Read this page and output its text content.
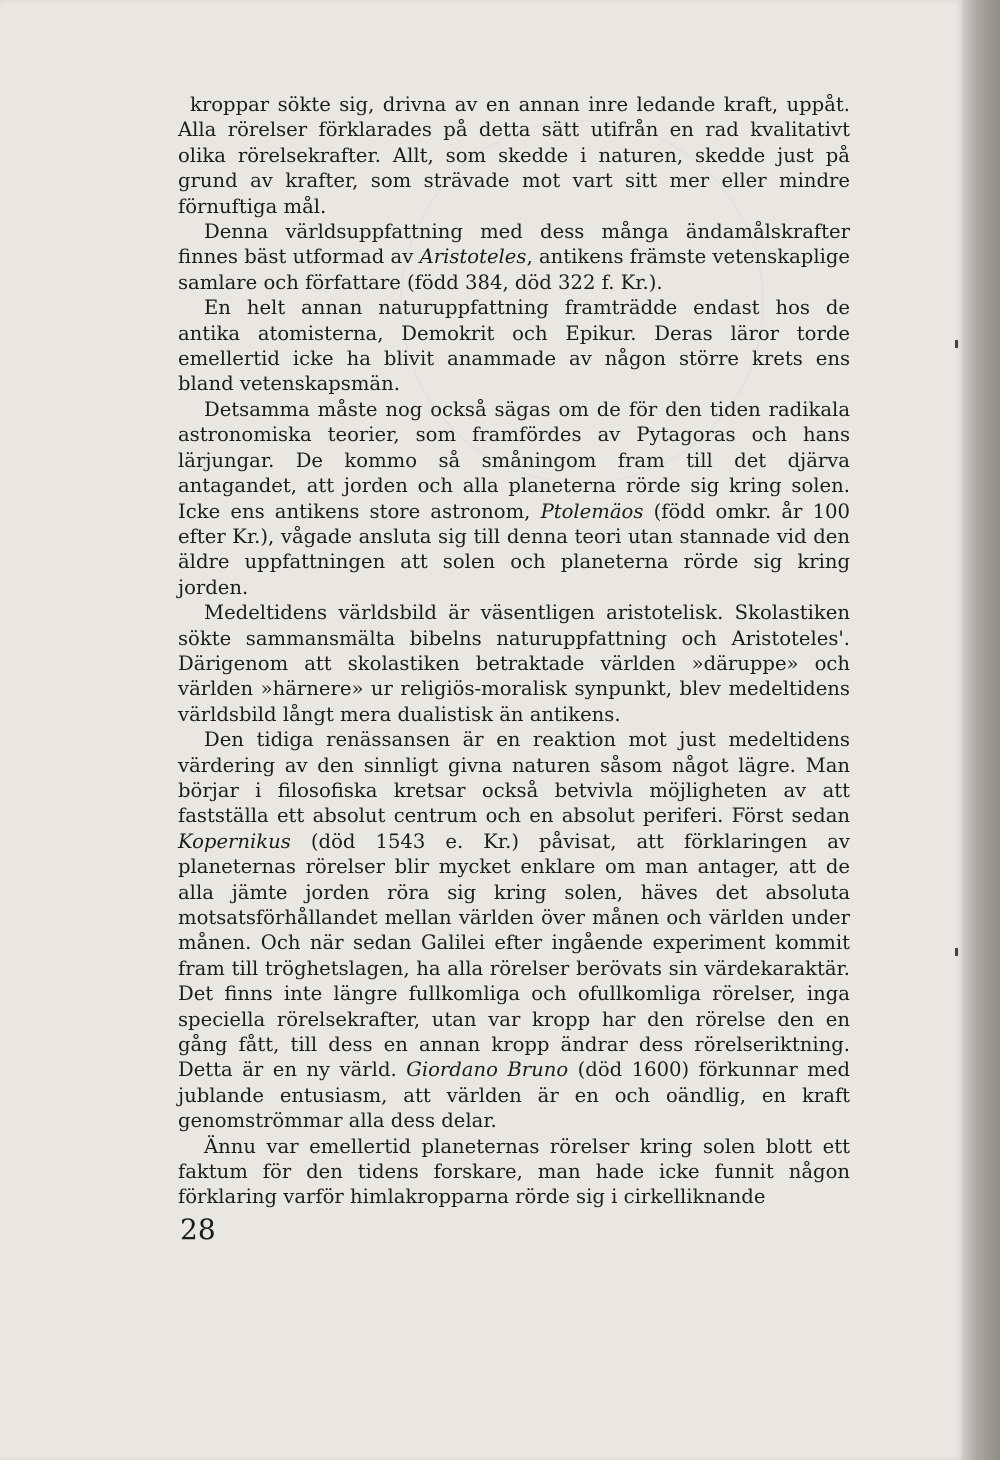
kroppar sökte sig, drivna av en annan inre ledande kraft, uppåt. Alla rörelser förklarades på detta sätt utifrån en rad kvalitativt olika rörelsekrafter. Allt, som skedde i naturen, skedde just på grund av krafter, som strävade mot vart sitt mer eller mindre förnuftiga mål.

Denna världsuppfattning med dess många ändamålskrafter finnes bäst utformad av Aristoteles, antikens främste vetenskaplige samlare och författare (född 384, död 322 f. Kr.).

En helt annan naturuppfattning framträdde endast hos de antika atomisterna, Demokrit och Epikur. Deras läror torde emellertid icke ha blivit anammade av någon större krets ens bland vetenskapsmän.

Detsamma måste nog också sägas om de för den tiden radikala astronomiska teorier, som framfördes av Pytagoras och hans lärjungar. De kommo så småningom fram till det djärva antagandet, att jorden och alla planeterna rörde sig kring solen. Icke ens antikens store astronom, Ptolemäos (född omkr. år 100 efter Kr.), vågade ansluta sig till denna teori utan stannade vid den äldre uppfattningen att solen och planeterna rörde sig kring jorden.

Medeltidens världsbild är väsentligen aristotelisk. Skolastiken sökte sammansmälta bibelns naturuppfattning och Aristoteles'. Därigenom att skolastiken betraktade världen »däruppe» och världen »härnere» ur religiös-moralisk synpunkt, blev medeltidens världsbild långt mera dualistisk än antikens.

Den tidiga renässansen är en reaktion mot just medeltidens värdering av den sinnligt givna naturen såsom något lägre. Man börjar i filosofiska kretsar också betvivla möjligheten av att fastställa ett absolut centrum och en absolut periferi. Först sedan Kopernikus (död 1543 e. Kr.) påvisat, att förklaringen av planeternas rörelser blir mycket enklare om man antager, att de alla jämte jorden röra sig kring solen, häves det absoluta motsatsförhållandet mellan världen över månen och världen under månen. Och när sedan Galilei efter ingående experiment kommit fram till tröghetslagen, ha alla rörelser berövats sin värdekaraktär. Det finns inte längre fullkomliga och ofullkomliga rörelser, inga speciella rörelsekrafter, utan var kropp har den rörelse den en gång fått, till dess en annan kropp ändrar dess rörelseriktning. Detta är en ny värld. Giordano Bruno (död 1600) förkunnar med jublande entusiasm, att världen är en och oändlig, en kraft genomströmmar alla dess delar.

Ännu var emellertid planeternas rörelser kring solen blott ett faktum för den tidens forskare, man hade icke funnit någon förklaring varför himlakropparna rörde sig i cirkelliknande

28
